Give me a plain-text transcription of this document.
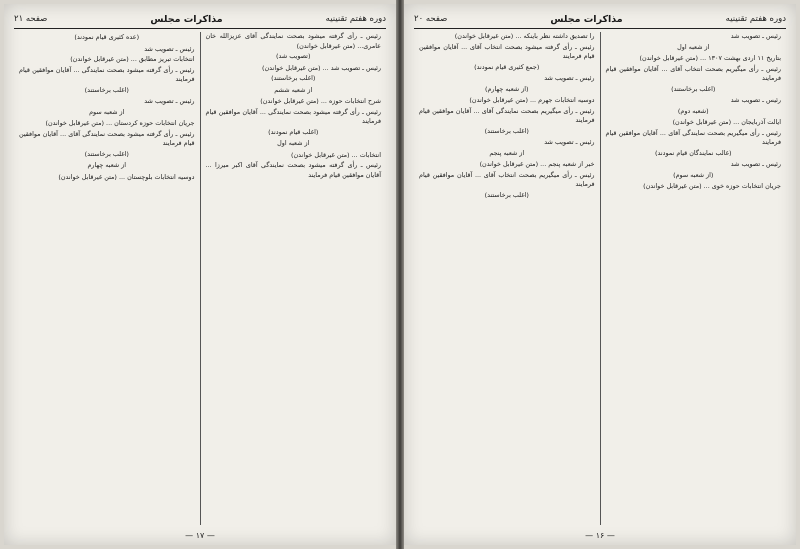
دوره هفتم تقنینیه
مذاکرات مجلس
صفحه ۲۱

رئیس ـ رأی گرفته میشود بصحت نمایندگی آقای عزیزالله خان عامری... (متن غیرقابل خواندن)

(تصویب شد)

رئیس ـ تصویب شد ... (متن غیرقابل خواندن)

(اغلب برخاستند)

از شعبه ششم

شرح انتخابات حوزه ... (متن غیرقابل خواندن)

رئیس ـ رأی گرفته میشود بصحت نمایندگی ... آقایان موافقین قیام فرمایند

(اغلب قیام نمودند)

از شعبه اول

انتخابات ... (متن غیرقابل خواندن)

رئیس ـ رأی گرفته میشود بصحت نمایندگی آقای اکبر میرزا ... آقایان موافقین قیام فرمایند

(عده کثیری قیام نمودند)

رئیس ـ تصویب شد

انتخابات تبریز مطابق ... (متن غیرقابل خواندن)

رئیس ـ رأی گرفته میشود بصحت نمایندگی ... آقایان موافقین قیام فرمایند

(اغلب برخاستند)

رئیس ـ تصویب شد

از شعبه سوم

جریان انتخابات حوزه کردستان ... (متن غیرقابل خواندن)

رئیس ـ رأی گرفته میشود بصحت نمایندگی آقای ... آقایان موافقین قیام فرمایند

(اغلب برخاستند)

از شعبه چهارم

دوسیه انتخابات بلوچستان ... (متن غیرقابل خواندن)

— ۱۷ —
دوره هفتم تقنینیه
مذاکرات مجلس
صفحه ۲۰

رئیس ـ تصویب شد

از شعبه اول

بتاریخ ۱۱ اردی بهشت ۱۳۰۷ ... (متن غیرقابل خواندن)

رئیس ـ رأی میگیریم بصحت انتخاب آقای ... آقایان موافقین قیام فرمایند

(اغلب برخاستند)

رئیس ـ تصویب شد

(شعبه دوم)

ایالت آذربایجان ... (متن غیرقابل خواندن)

رئیس ـ رأی میگیریم بصحت نمایندگی آقای ... آقایان موافقین قیام فرمایند

(غالب نمایندگان قیام نمودند)

رئیس ـ تصویب شد

(از شعبه سوم)

جریان انتخابات حوزه خوی ... (متن غیرقابل خواندن)

را تصدیق داشته نظر باینکه ... (متن غیرقابل خواندن)

رئیس ـ رأی گرفته میشود بصحت انتخاب آقای ... آقایان موافقین قیام فرمایند

(جمع کثیری قیام نمودند)

رئیس ـ تصویب شد

(از شعبه چهارم)

دوسیه انتخابات جهرم ... (متن غیرقابل خواندن)

رئیس ـ رأی میگیریم بصحت نمایندگی آقای ... آقایان موافقین قیام فرمایند

(اغلب برخاستند)

رئیس ـ تصویب شد

از شعبه پنجم

خبر از شعبه پنجم ... (متن غیرقابل خواندن)

رئیس ـ رأی میگیریم بصحت انتخاب آقای ... آقایان موافقین قیام فرمایند

(اغلب برخاستند)

— ۱۶ —
